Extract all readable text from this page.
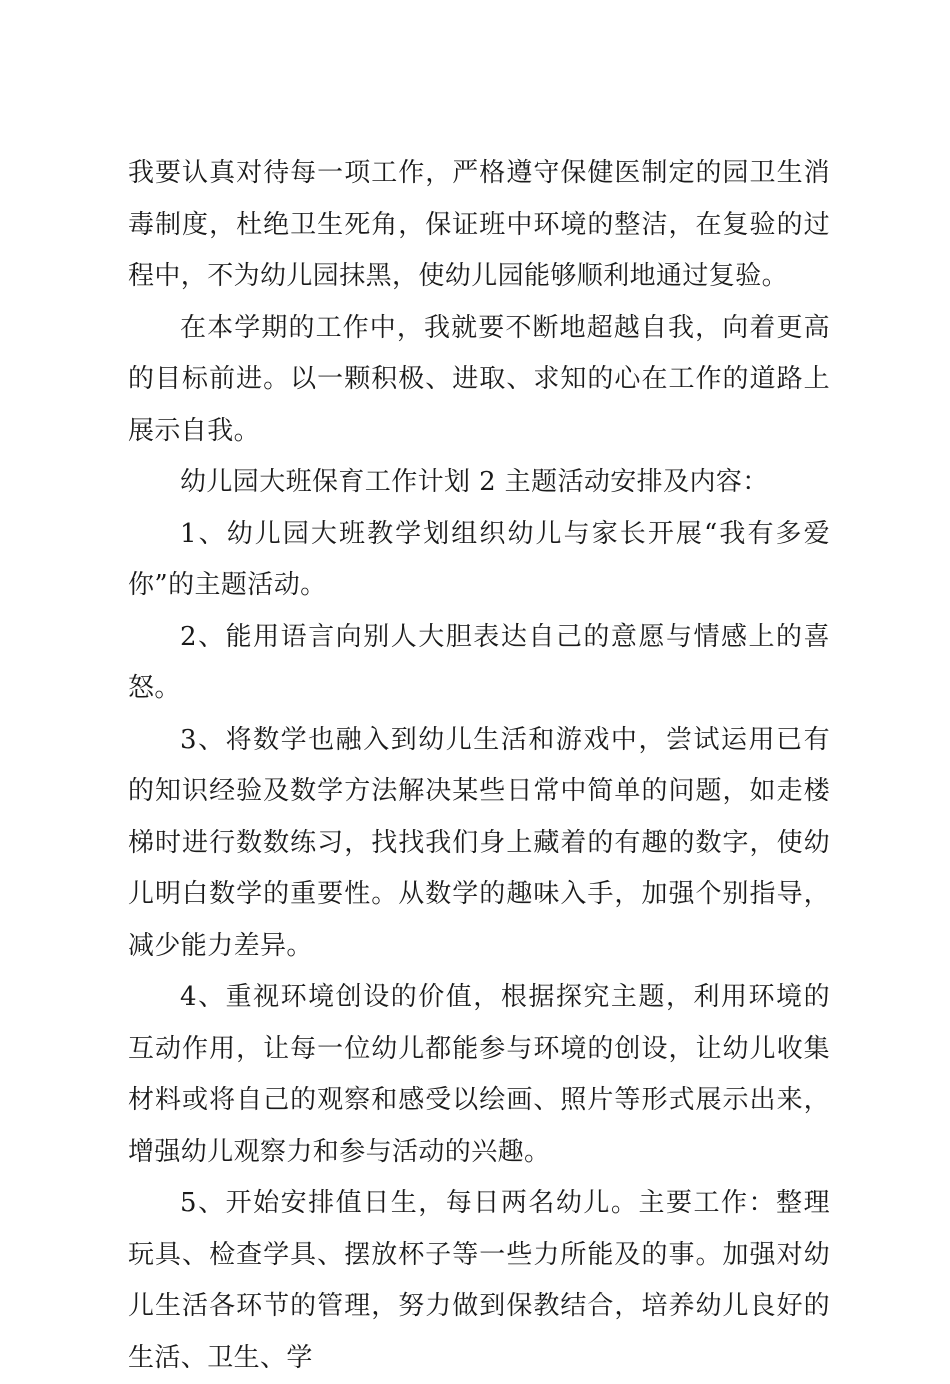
我要认真对待每一项工作，严格遵守保健医制定的园卫生消毒制度，杜绝卫生死角，保证班中环境的整洁，在复验的过程中，不为幼儿园抹黑，使幼儿园能够顺利地通过复验。

在本学期的工作中，我就要不断地超越自我，向着更高的目标前进。以一颗积极、进取、求知的心在工作的道路上展示自我。

幼儿园大班保育工作计划 2 主题活动安排及内容：

1、幼儿园大班教学划组织幼儿与家长开展“我有多爱你”的主题活动。

2、能用语言向别人大胆表达自己的意愿与情感上的喜怒。

3、将数学也融入到幼儿生活和游戏中，尝试运用已有的知识经验及数学方法解决某些日常中简单的问题，如走楼梯时进行数数练习，找找我们身上藏着的有趣的数字，使幼儿明白数学的重要性。从数学的趣味入手，加强个别指导，减少能力差异。

4、重视环境创设的价值，根据探究主题，利用环境的互动作用，让每一位幼儿都能参与环境的创设，让幼儿收集材料或将自己的观察和感受以绘画、照片等形式展示出来，增强幼儿观察力和参与活动的兴趣。

5、开始安排值日生，每日两名幼儿。主要工作：整理玩具、检查学具、摆放杯子等一些力所能及的事。加强对幼儿生活各环节的管理，努力做到保教结合，培养幼儿良好的生活、卫生、学
